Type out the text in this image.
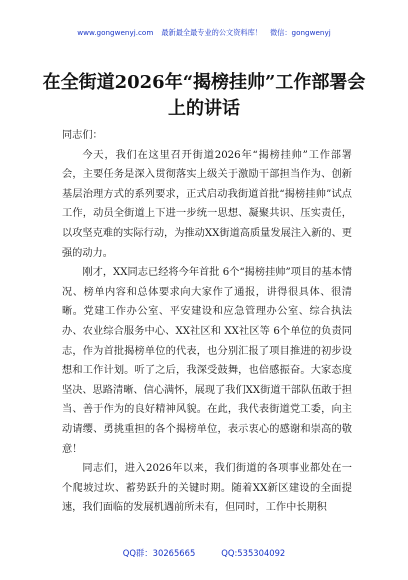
www.gongwenyj.com 最新最全最专业的公文资料库！ 微信：gongwenyj
在全街道2026年“揭榜挂帅”工作部署会上的讲话

同志们：

今天，我们在这里召开街道2026年“揭榜挂帅”工作部署会，主要任务是深入贯彻落实上级关于激励干部担当作为、创新基层治理方式的系列要求，正式启动我街道首批“揭榜挂帅”试点工作，动员全街道上下进一步统一思想、凝聚共识、压实责任，以攻坚克难的实际行动，为推动XX街道高质量发展注入新的、更强的动力。

刚才，XX同志已经将今年首批 6个“揭榜挂帅”项目的基本情况、榜单内容和总体要求向大家作了通报，讲得很具体、很清晰。党建工作办公室、平安建设和应急管理办公室、综合执法办、农业综合服务中心、XX社区和 XX社区等 6个单位的负责同志，作为首批揭榜单位的代表，也分别汇报了项目推进的初步设想和工作计划。听了之后，我深受鼓舞，也倍感振奋。大家态度坚决、思路清晰、信心满怀，展现了我们XX街道干部队伍敢于担当、善于作为的良好精神风貌。在此，我代表街道党工委，向主动请缨、勇挑重担的各个揭榜单位，表示衷心的感谢和崇高的敬意！

同志们，进入2026年以来，我们街道的各项事业都处在一个爬坡过坎、蓄势跃升的关键时期。随着XX新区建设的全面提速，我们面临的发展机遇前所未有，但同时，工作中长期积

QQ群：30265665	QQ:535304092
